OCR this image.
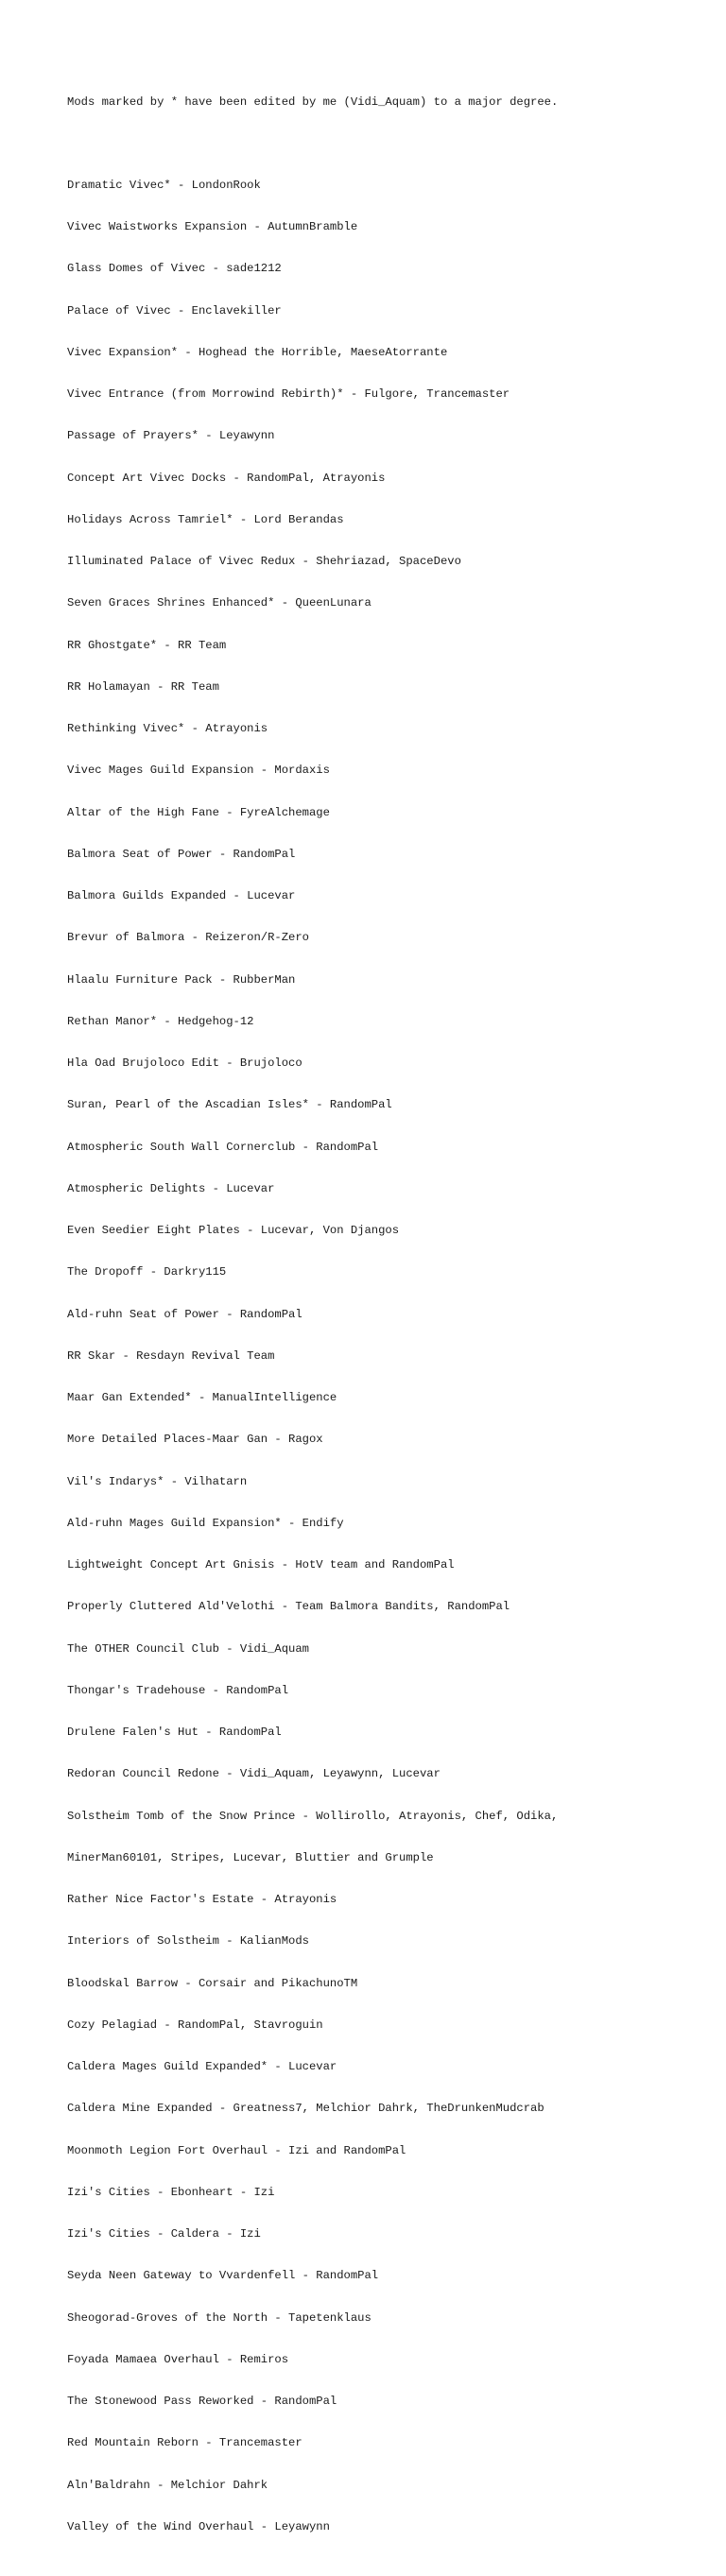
Mods marked by * have been edited by me (Vidi_Aquam) to a major degree.

Dramatic Vivec* - LondonRook

Vivec Waistworks Expansion - AutumnBramble

Glass Domes of Vivec - sade1212

Palace of Vivec - Enclavekiller

Vivec Expansion* - Hoghead the Horrible, MaeseAtorrante

Vivec Entrance (from Morrowind Rebirth)* - Fulgore, Trancemaster

Passage of Prayers* - Leyawynn

Concept Art Vivec Docks - RandomPal, Atrayonis

Holidays Across Tamriel* - Lord Berandas

Illuminated Palace of Vivec Redux - Shehriazad, SpaceDevo

Seven Graces Shrines Enhanced* - QueenLunara

RR Ghostgate* - RR Team

RR Holamayan - RR Team

Rethinking Vivec* - Atrayonis

Vivec Mages Guild Expansion - Mordaxis

Altar of the High Fane - FyreAlchemage

Balmora Seat of Power - RandomPal

Balmora Guilds Expanded - Lucevar

Brevur of Balmora - Reizeron/R-Zero

Hlaalu Furniture Pack - RubberMan

Rethan Manor* - Hedgehog-12

Hla Oad Brujoloco Edit - Brujoloco

Suran, Pearl of the Ascadian Isles* - RandomPal

Atmospheric South Wall Cornerclub - RandomPal

Atmospheric Delights - Lucevar

Even Seedier Eight Plates - Lucevar, Von Djangos

The Dropoff - Darkry115

Ald-ruhn Seat of Power - RandomPal

RR Skar - Resdayn Revival Team

Maar Gan Extended* - ManualIntelligence

More Detailed Places-Maar Gan - Ragox

Vil's Indarys* - Vilhatarn

Ald-ruhn Mages Guild Expansion* - Endify

Lightweight Concept Art Gnisis - HotV team and RandomPal

Properly Cluttered Ald'Velothi - Team Balmora Bandits, RandomPal

The OTHER Council Club - Vidi_Aquam

Thongar's Tradehouse - RandomPal

Drulene Falen's Hut - RandomPal

Redoran Council Redone - Vidi_Aquam, Leyawynn, Lucevar

Solstheim Tomb of the Snow Prince - Wollirollo, Atrayonis, Chef, Odika,

MinerMan60101, Stripes, Lucevar, Bluttier and Grumple

Rather Nice Factor's Estate - Atrayonis

Interiors of Solstheim - KalianMods

Bloodskal Barrow - Corsair and PikachunoTM

Cozy Pelagiad - RandomPal, Stavroguin

Caldera Mages Guild Expanded* - Lucevar

Caldera Mine Expanded - Greatness7, Melchior Dahrk, TheDrunkenMudcrab

Moonmoth Legion Fort Overhaul - Izi and RandomPal

Izi's Cities - Ebonheart - Izi

Izi's Cities - Caldera - Izi

Seyda Neen Gateway to Vvardenfell - RandomPal

Sheogorad-Groves of the North - Tapetenklaus

Foyada Mamaea Overhaul - Remiros

The Stonewood Pass Reworked - RandomPal

Red Mountain Reborn - Trancemaster

Aln'Baldrahn - Melchior Dahrk

Valley of the Wind Overhaul - Leyawynn
